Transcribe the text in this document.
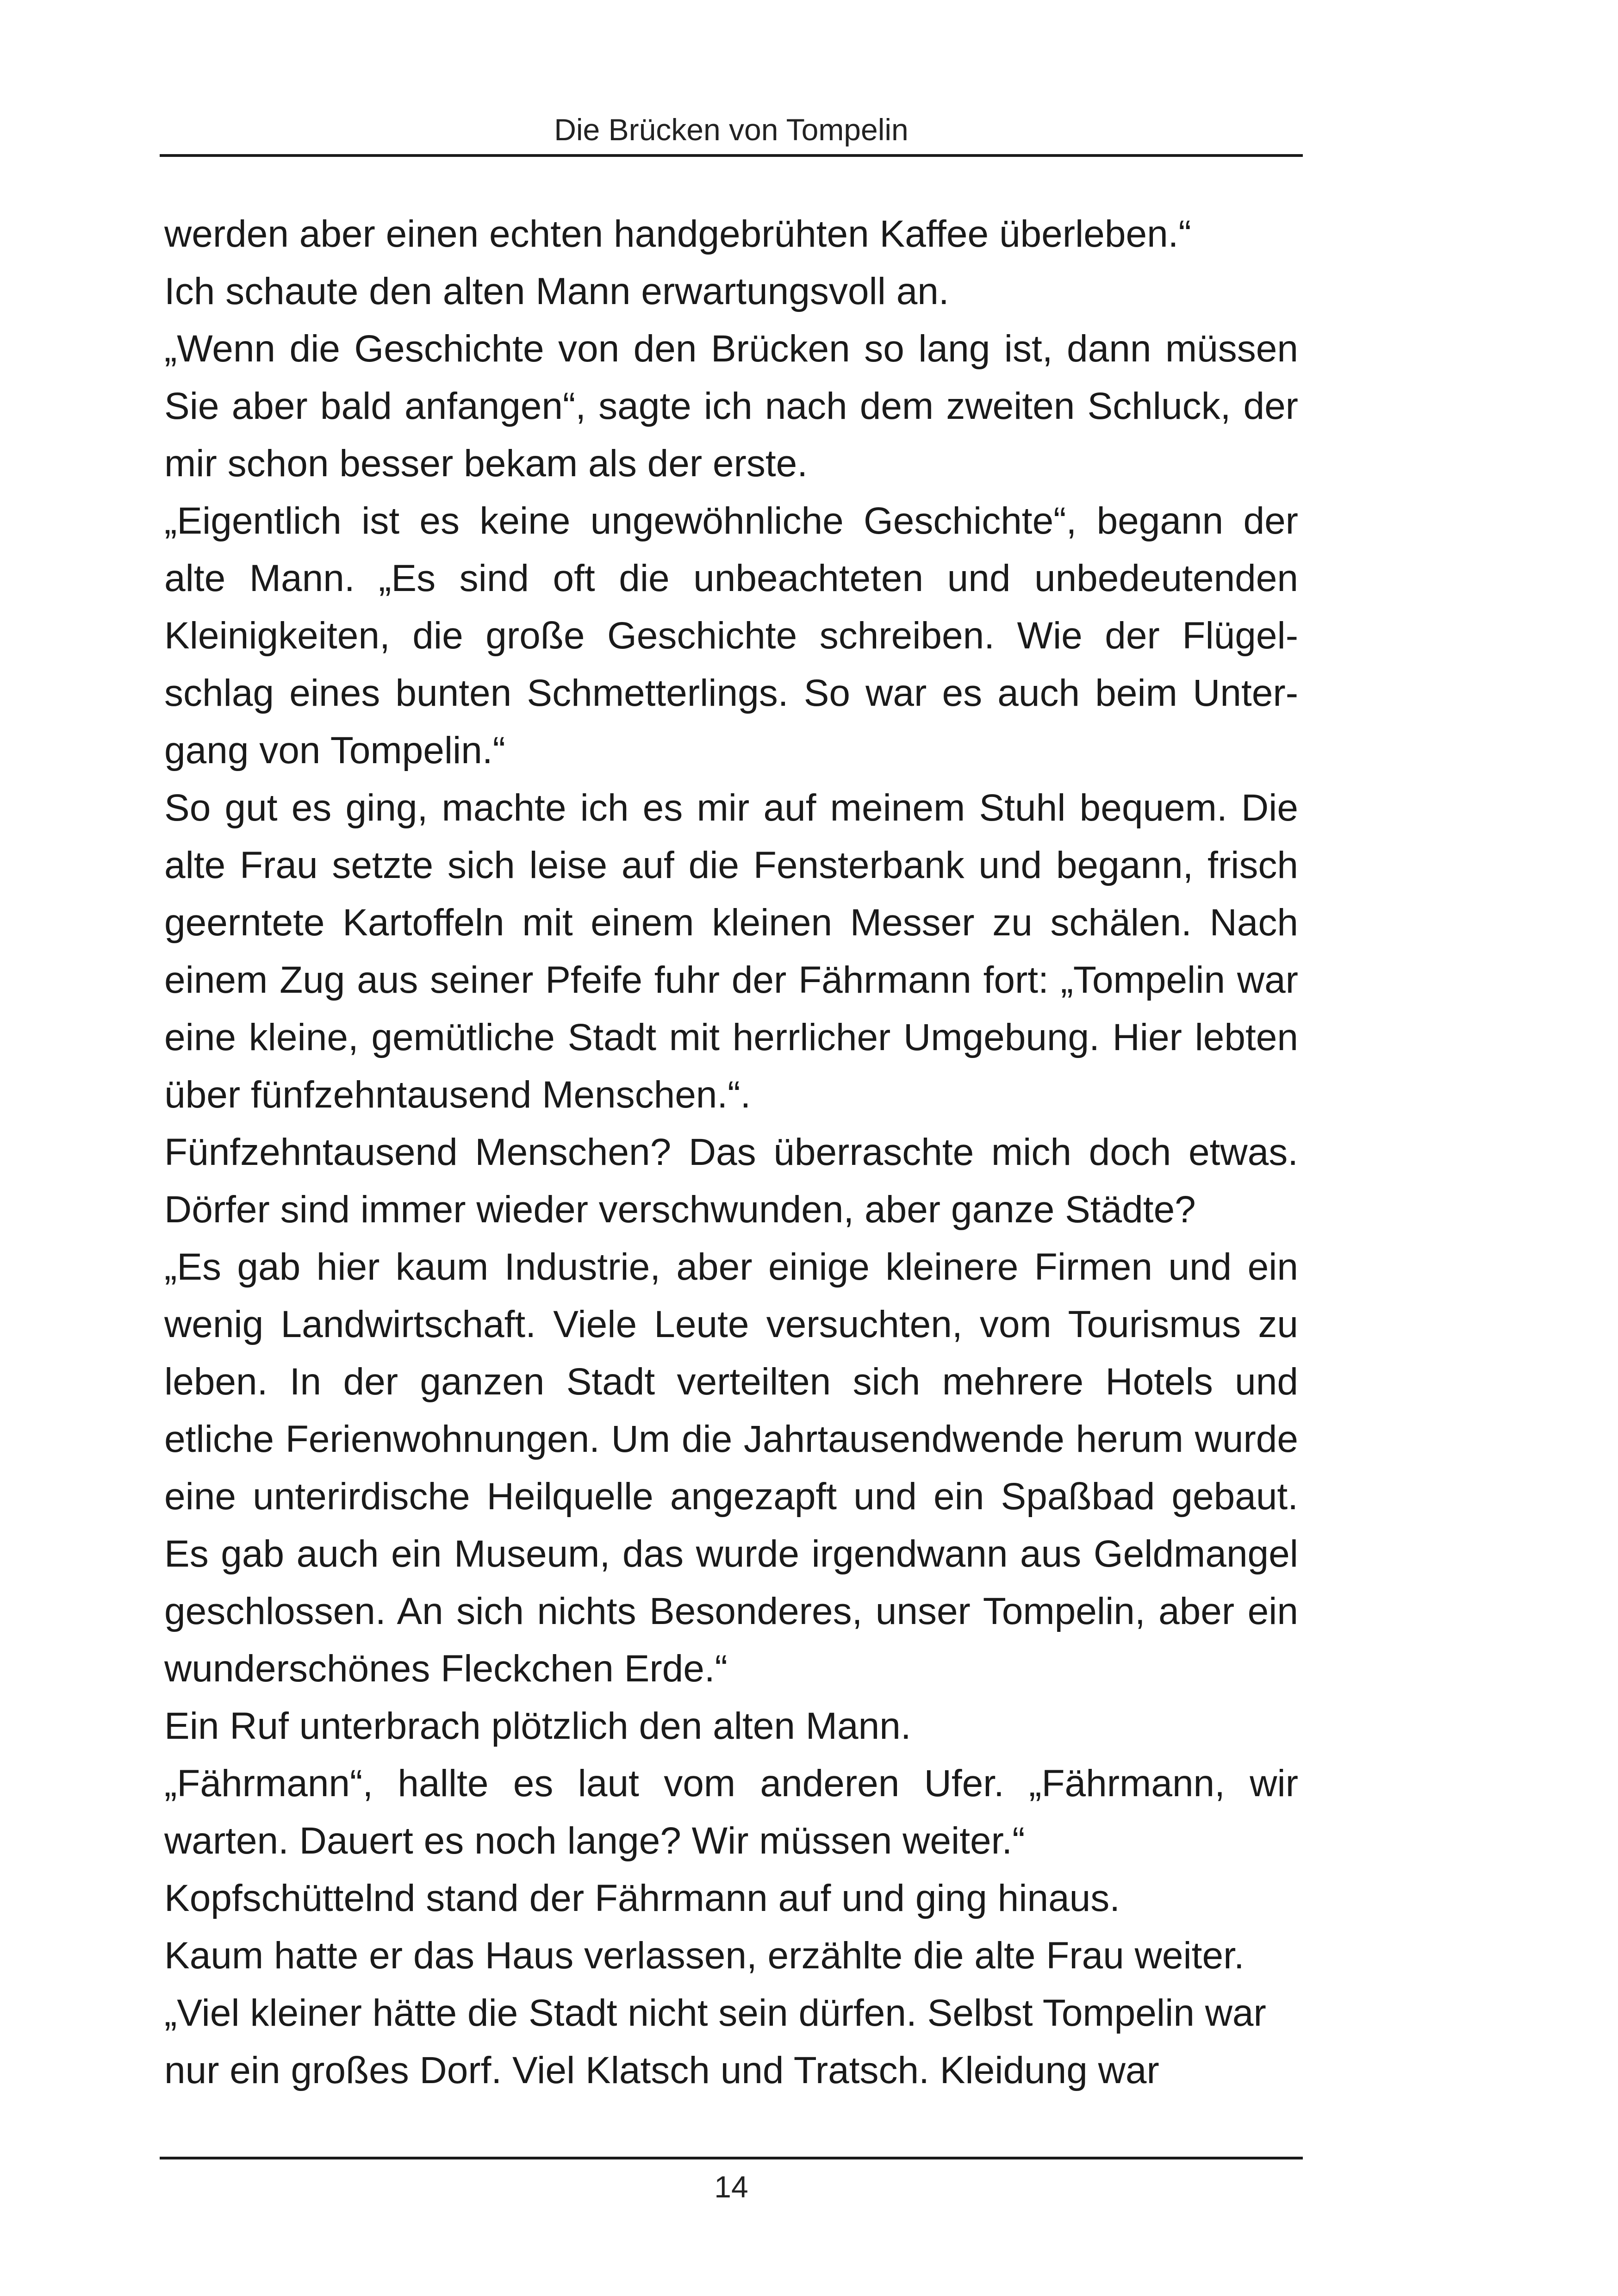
Die Brücken von Tompelin

werden aber einen echten handgebrühten Kaffee überleben.“

Ich schaute den alten Mann erwartungsvoll an.

„Wenn die Geschichte von den Brücken so lang ist, dann müssen Sie aber bald anfangen“, sagte ich nach dem zweiten Schluck, der mir schon besser bekam als der erste.

„Eigentlich ist es keine ungewöhnliche Geschichte“, begann der alte Mann. „Es sind oft die unbeachteten und unbedeutenden Kleinigkeiten, die große Geschichte schreiben. Wie der Flügelschlag eines bunten Schmetterlings. So war es auch beim Untergang von Tompelin.“

So gut es ging, machte ich es mir auf meinem Stuhl bequem. Die alte Frau setzte sich leise auf die Fensterbank und begann, frisch geerntete Kartoffeln mit einem kleinen Messer zu schälen. Nach einem Zug aus seiner Pfeife fuhr der Fährmann fort: „Tompelin war eine kleine, gemütliche Stadt mit herrlicher Umgebung. Hier lebten über fünfzehntausend Menschen.“.

Fünfzehntausend Menschen? Das überraschte mich doch etwas. Dörfer sind immer wieder verschwunden, aber ganze Städte?

„Es gab hier kaum Industrie, aber einige kleinere Firmen und ein wenig Landwirtschaft. Viele Leute versuchten, vom Tourismus zu leben. In der ganzen Stadt verteilten sich mehrere Hotels und etliche Ferienwohnungen. Um die Jahrtausendwende herum wurde eine unterirdische Heilquelle angezapft und ein Spaßbad gebaut. Es gab auch ein Museum, das wurde irgendwann aus Geldmangel geschlossen. An sich nichts Besonderes, unser Tompelin, aber ein wunderschönes Fleckchen Erde.“

Ein Ruf unterbrach plötzlich den alten Mann.

„Fährmann“, hallte es laut vom anderen Ufer. „Fährmann, wir warten. Dauert es noch lange? Wir müssen weiter.“

Kopfschüttelnd stand der Fährmann auf und ging hinaus.

Kaum hatte er das Haus verlassen, erzählte die alte Frau weiter.

„Viel kleiner hätte die Stadt nicht sein dürfen. Selbst Tompelin war nur ein großes Dorf. Viel Klatsch und Tratsch. Kleidung war

14
